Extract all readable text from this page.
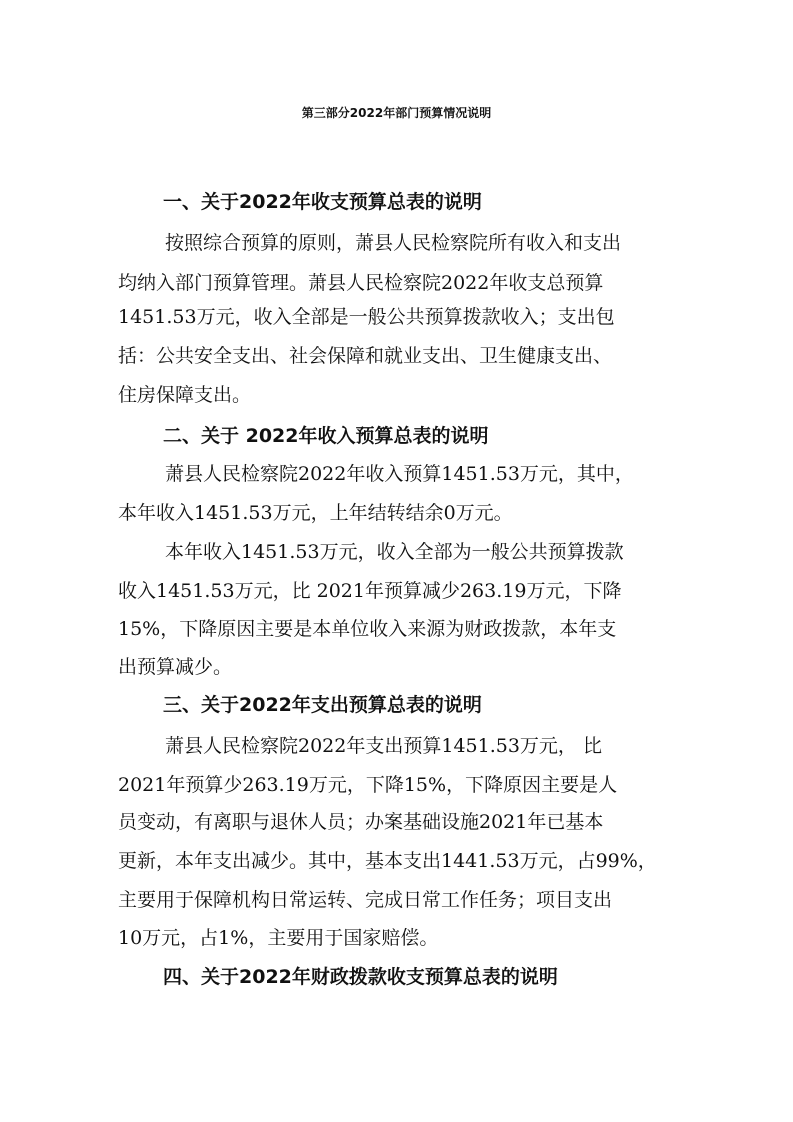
第三部分2022年部门预算情况说明
一、关于2022年收支预算总表的说明
按照综合预算的原则，萧县人民检察院所有收入和支出
均纳入部门预算管理。萧县人民检察院2022年收支总预算
1451.53万元，收入全部是一般公共预算拨款收入；支出包
括：公共安全支出、社会保障和就业支出、卫生健康支出、
住房保障支出。
二、关于 2022年收入预算总表的说明
萧县人民检察院2022年收入预算1451.53万元，其中，
本年收入1451.53万元，上年结转结余0万元。
本年收入1451.53万元，收入全部为一般公共预算拨款
收入1451.53万元，比 2021年预算减少263.19万元，下降
15%，下降原因主要是本单位收入来源为财政拨款，本年支
出预算减少。
三、关于2022年支出预算总表的说明
萧县人民检察院2022年支出预算1451.53万元， 比
2021年预算少263.19万元，下降15%，下降原因主要是人
员变动，有离职与退休人员；办案基础设施2021年已基本
更新，本年支出减少。其中，基本支出1441.53万元，占99%，
主要用于保障机构日常运转、完成日常工作任务；项目支出
10万元，占1%，主要用于国家赔偿。
四、关于2022年财政拨款收支预算总表的说明
